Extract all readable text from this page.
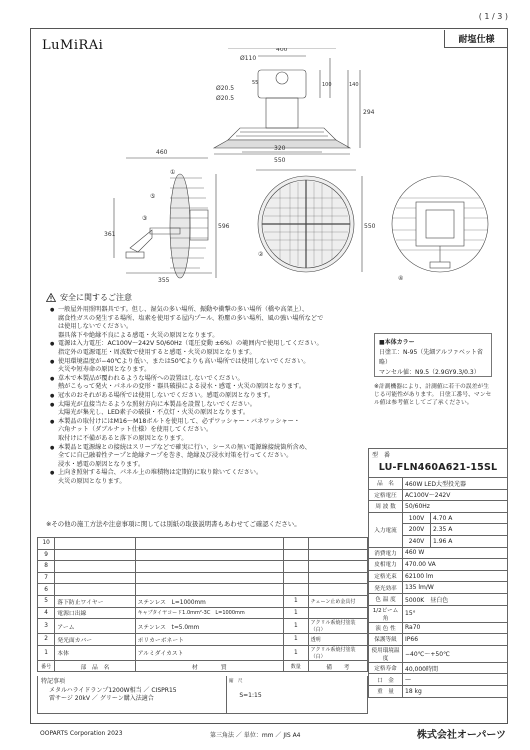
( 1 / 3 )
LuMiRAi	耐塩仕様
400
Ø110
55	100	140
Ø20.5
Ø20.5
294
320
550
460
596
361
355
550
①
②
③
④
⑤
安全に関するご注意
● 一般屋外用照明器具です。但し、湿気の多い場所、振動や衝撃の多い場所（橋や高架上）、
腐食性ガスの発生する場所、塩素を使用する屋内プール、粉塵の多い場所、風の強い場所などで
は使用しないでください。
器具落下や絶縁不良による感電・火災の原因となります。
● 電源は入力電圧：AC100V〜242V 50/60Hz（電圧変動 ±6%）の範囲内で使用してください。
指定外の電源電圧・周波数で使用すると感電・火災の原因となります。
● 使用環境温度が−40℃より低い、または50℃よりも高い場所では使用しないでください。
火災や短寿命の原因となります。
● 草木で本製品が覆われるような場所への設置はしないでください。
熱がこもって発火・パネルの変形・器具破損による浸水・感電・火災の原因となります。
● 冠水のおそれがある場所では使用しないでください。感電の原因となります。
● 太陽光が直接当たるような照射方向に本製品を設置しないでください。
太陽光が集光し、LED素子の破損・不点灯・火災の原因となります。
● 本製品の取付けにはM16〜M18ボルトを使用して、必ずワッシャー・バネワッシャー・
六角ナット（ダブルナット仕様）を使用してください。
取付けに不備があると落下の原因となります。
● 本製品と電源線との接続はスリーブなどで確実に行い、シースの無い電源線接続箇所含め、
全てに自己融着性テープと絶縁テープを巻き、絶縁及び浸水対策を行ってください。
浸水・感電の原因となります。
● 上向き照射する場合、パネル上の堆積物は定期的に取り除いてください。
火災の原因となります。
■本体カラー
日塗工：N-95（先細アルファベット省略）
マンセル値：N9.5（2.9GY9.3/0.3）
※計測機器により、計測値に若干の誤差が生じる可能性があります。 日塗工番号、マンセル値は参考値としてご了承ください。
※その他の施工方法や注意事項に関しては別紙の取扱説明書もあわせてご確認ください。
型　番
LU-FLN460A621-15SL
品　名	460W LED大型投光器	
定格電圧	AC100V〜242V	
周 波 数	50/60Hz	
入力電流	100V	4.70 A
	200V	2.35 A
	240V	1.96 A
消費電力	460 W	
皮相電力	470.00 VA	
定格光束	62100 lm	
発光効率	135 lm/W	
色 温 度	5000K　昼白色	
1/2ビーム角	15°	
演 色 性	Ra70	
保護等級	IP66	
使用環境温度	−40℃〜+50℃	
定格寿命	40,000時間	
口　金	—	
重　量	18 kg	
10				
9				
8				
7				
6				
5	落下防止ワイヤー	ステンレス　L=1000mm	1	チェーン止め金具付
4	電源口出線	キャブタイヤコード1.0mm²-3C　L=1000mm	1	
3	アーム	ステンレス　t=5.0mm	1	アクリル系焼付塗装（白）
2	発光面カバー	ポリカーボネート	1	透明
1	本体	アルミダイカスト	1	アクリル系焼付塗装（白）
番号	部　品　名	材　　　　質	数量	備　　考
特記事項
メタルハライドランプ1200W相当 ／ CISPR15
雷サージ 20kV ／ グリーン購入法適合
縮　尺
S=1:15
OOPARTS Corporation 2023	第三角法 ／ 単位：mm ／ JIS A4	株式会社オーパーツ
